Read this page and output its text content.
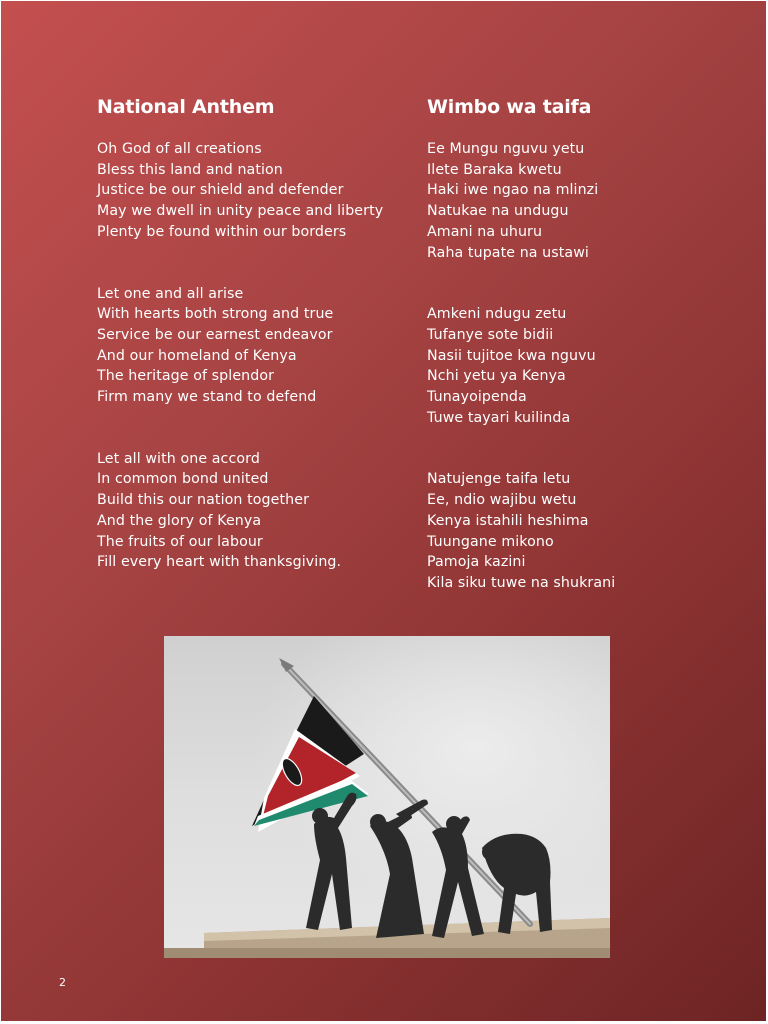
National Anthem

Oh God of all creations
Bless this land and nation
Justice be our shield and defender
May we dwell in unity peace and liberty
Plenty be found within our borders

Let one and all arise
With hearts both strong and true
Service be our earnest endeavor
And our homeland of Kenya
The heritage of splendor
Firm many we stand to defend

Let all with one accord
In common bond united
Build this our nation together
And the glory of Kenya
The fruits of our labour
Fill every heart with thanksgiving.

Wimbo wa taifa

Ee Mungu nguvu yetu
Ilete Baraka kwetu
Haki iwe ngao na mlinzi
Natukae na undugu
Amani na uhuru
Raha tupate na ustawi

Amkeni ndugu zetu
Tufanye sote bidii
Nasii tujitoe kwa nguvu
Nchi yetu ya Kenya
Tunayoipenda
Tuwe tayari kuilinda

Natujenge taifa letu
Ee, ndio wajibu wetu
Kenya istahili heshima
Tuungane mikono
Pamoja kazini
Kila siku tuwe na shukrani

2
